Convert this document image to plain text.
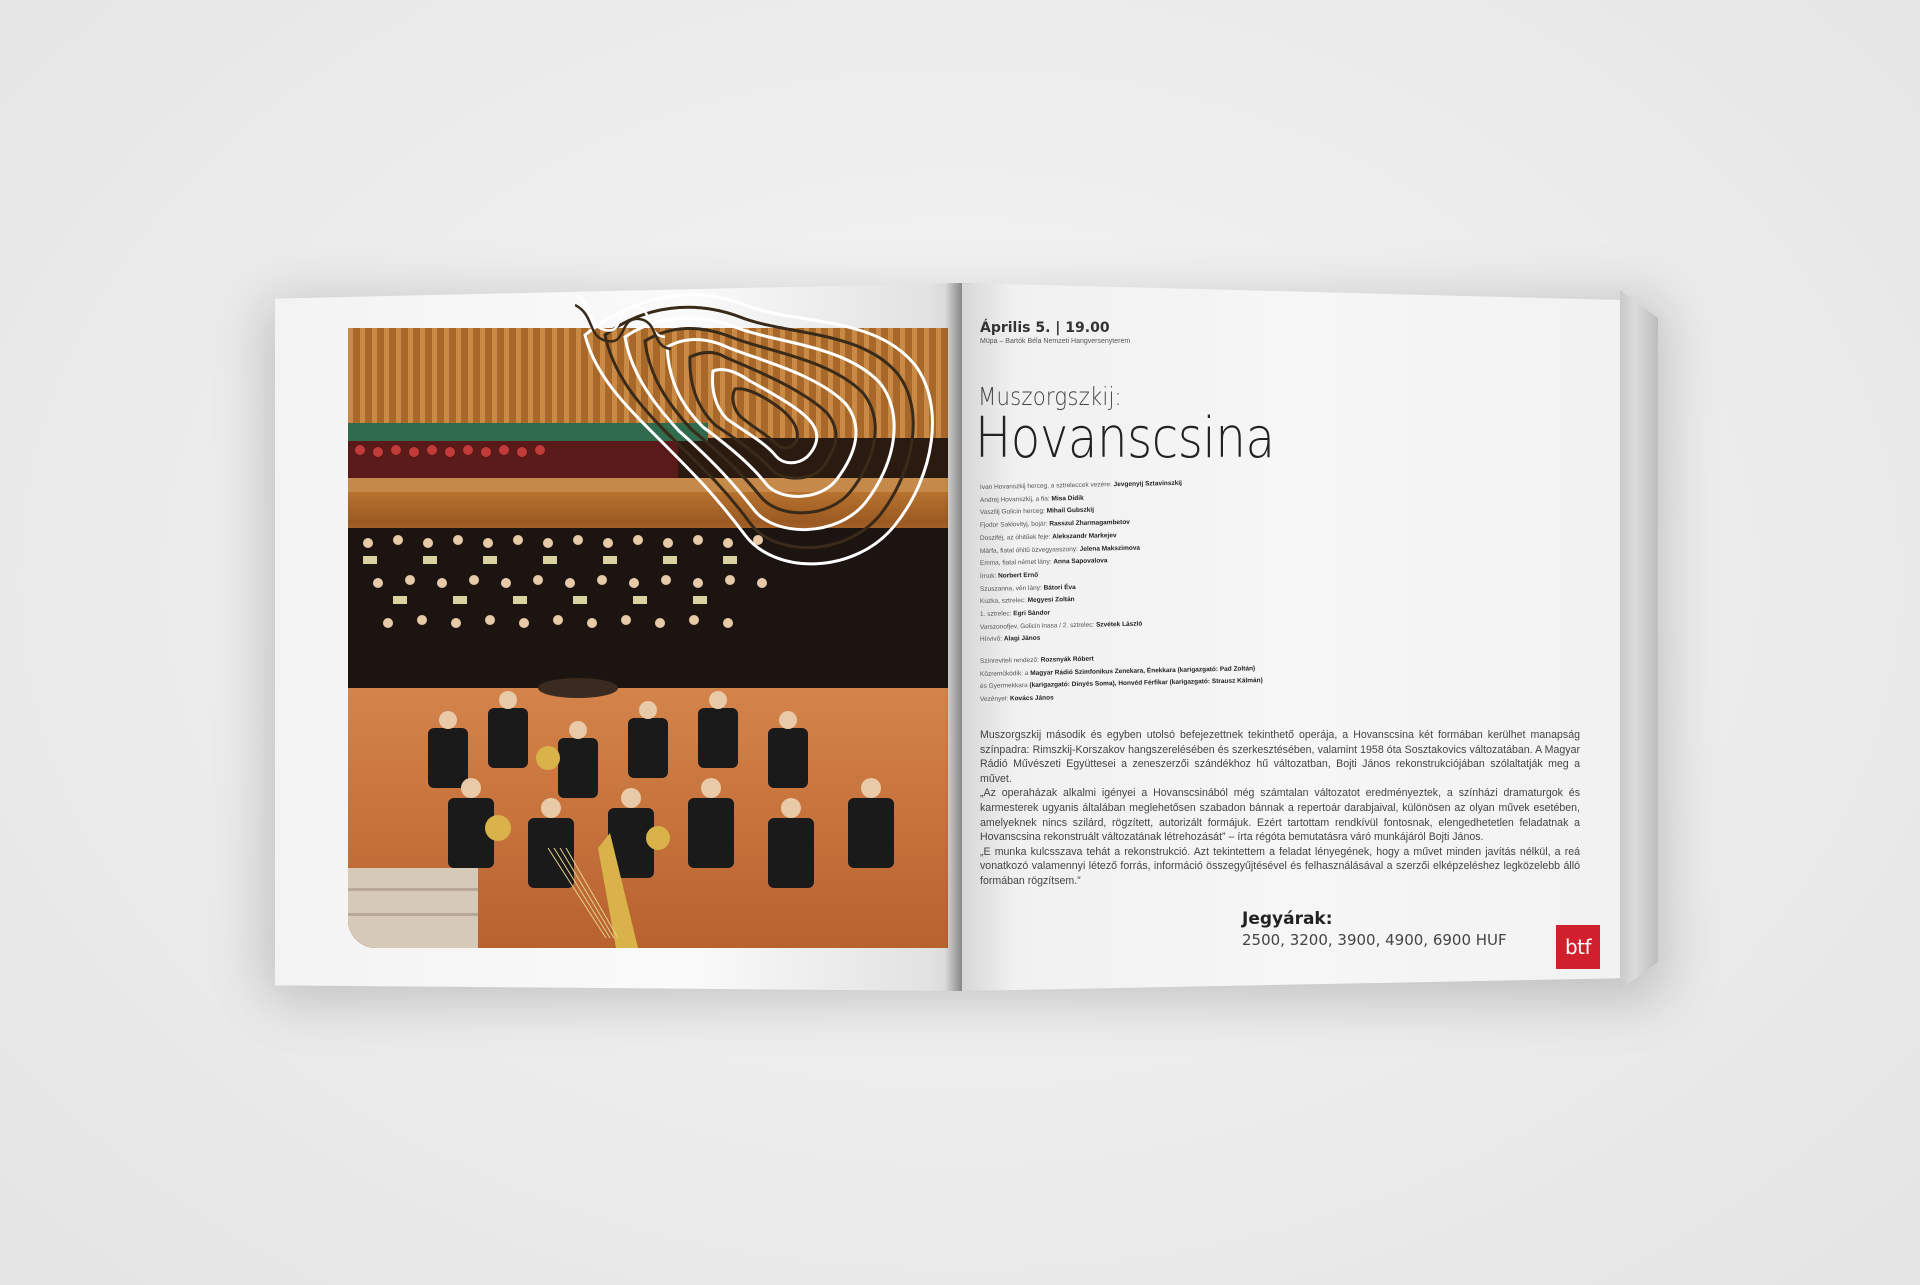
Április 5. | 19.00
Müpa – Bartók Béla Nemzeti Hangversenyterem
Muszorgszkij:
Hovanscsina
Ivan Hovanszkij herceg, a sztreleccek vezére: Jevgenyij Sztavinszkij
Andrej Hovanszkij, a fia: Misa Didik
Vaszilij Golicin herceg: Mihail Gubszkij
Fjodor Saklovityj, bojár: Rasszul Zharmagambetov
Dosziféj, az óhitűek feje: Alekszandr Markejev
Márfa, fiatal óhitű özvegyasszony: Jelena Makszimova
Emma, fiatal német lány: Anna Sapovalova
Írnok: Norbert Ernő
Szuszanna, vén lány: Bátori Éva
Kuzka, sztrelec: Megyesi Zoltán
1. sztrelec: Egri Sándor
Varszonofjev, Golicin inasa / 2. sztrelec: Szvétek László
Hírvivő: Alagi János
Színreviteli rendező: Rozsnyák Róbert
Közreműködik: a Magyar Rádió Szimfonikus Zenekara, Énekkara (karigazgató: Pad Zoltán)
és Gyermekkara (karigazgató: Dinyés Soma), Honvéd Férfikar (karigazgató: Strausz Kálmán)
Vezényel: Kovács János

Muszorgszkij második és egyben utolsó befejezettnek tekinthető operája, a Hovanscsina két formában kerülhet manapság színpadra: Rimszkij-Korszakov hangszerelésében és szerkesztésében, valamint 1958 óta Sosztakovics változatában. A Magyar Rádió Művészeti Együttesei a zeneszerzői szándékhoz hű változatban, Bojti János rekonstrukciójában szólaltatják meg a művet.

„Az operaházak alkalmi igényei a Hovanscsinából még számtalan változatot eredményeztek, a színházi dramaturgok és karmesterek ugyanis általában meglehetősen szabadon bánnak a repertoár darabjaival, különösen az olyan művek esetében, amelyeknek nincs szilárd, rögzített, autorizált formájuk. Ezért tartottam rendkívül fontosnak, elengedhetetlen feladatnak a Hovanscsina rekonstruált változatának létrehozását” – írta régóta bemutatásra váró munkájáról Bojti János.

„E munka kulcsszava tehát a rekonstrukció. Azt tekintettem a feladat lényegének, hogy a művet minden javítás nélkül, a reá vonatkozó valamennyi létező forrás, információ összegyűjtésével és felhasználásával a szerzői elképzeléshez legközelebb álló formában rögzítsem.”

Jegyárak:
2500, 3200, 3900, 4900, 6900 HUF	btf
